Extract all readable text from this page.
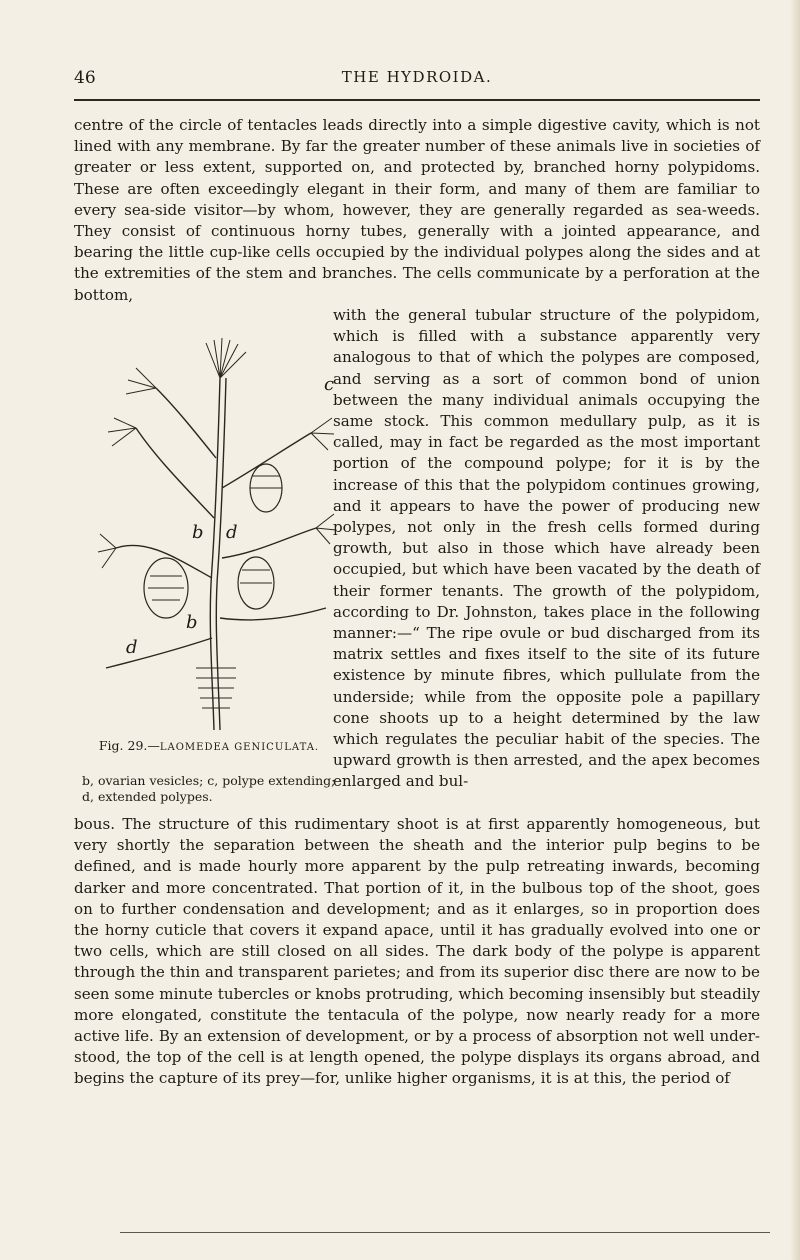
46	THE HYDROIDA.

centre of the circle of tentacles leads directly into a simple digestive cavity, which is not lined with any membrane. By far the greater number of these animals live in societies of greater or less extent, supported on, and protected by, branched horny polypidoms. These are often exceedingly elegant in their form, and many of them are familiar to every sea-side visitor—by whom, however, they are generally regarded as sea-weeds. They consist of continuous horny tubes, generally with a jointed appearance, and bearing the little cup-like cells occupied by the individual polypes along the sides and at the extremities of the stem and branches. The cells communicate by a perforation at the bottom,

c
b d
b
d
Fig. 29.—LAOMEDEA GENICULATA.
b, ovarian vesicles; c, polype extending; d, extended polypes.
with the general tubular structure of the polypidom, which is filled with a substance apparently very analogous to that of which the polypes are composed, and serving as a sort of common bond of union between the many individual animals occupying the same stock. This common medullary pulp, as it is called, may in fact be regarded as the most important portion of the compound polype; for it is by the increase of this that the polypidom continues growing, and it appears to have the power of producing new polypes, not only in the fresh cells formed during growth, but also in those which have already been occupied, but which have been vacated by the death of their former tenants. The growth of the polypidom, according to Dr. Johnston, takes place in the following manner:—“ The ripe ovule or bud discharged from its matrix settles and fixes itself to the site of its future existence by minute fibres, which pullulate from the underside; while from the opposite pole a papillary cone shoots up to a height determined by the law which regulates the peculiar habit of the species. The upward growth is then arrested, and the apex becomes enlarged and bul-

bous. The structure of this rudimentary shoot is at first apparently homogeneous, but very shortly the separation between the sheath and the interior pulp begins to be defined, and is made hourly more apparent by the pulp retreating inwards, becoming darker and more concentrated. That portion of it, in the bulbous top of the shoot, goes on to further condensation and development; and as it enlarges, so in proportion does the horny cuticle that covers it expand apace, until it has gradually evolved into one or two cells, which are still closed on all sides. The dark body of the polype is apparent through the thin and transparent parietes; and from its superior disc there are now to be seen some minute tubercles or knobs protruding, which becoming insensibly but steadily more elongated, constitute the tentacula of the polype, now nearly ready for a more active life. By an extension of development, or by a process of absorption not well understood, the top of the cell is at length opened, the polype displays its organs abroad, and begins the capture of its prey—for, unlike higher organisms, it is at this, the period of
